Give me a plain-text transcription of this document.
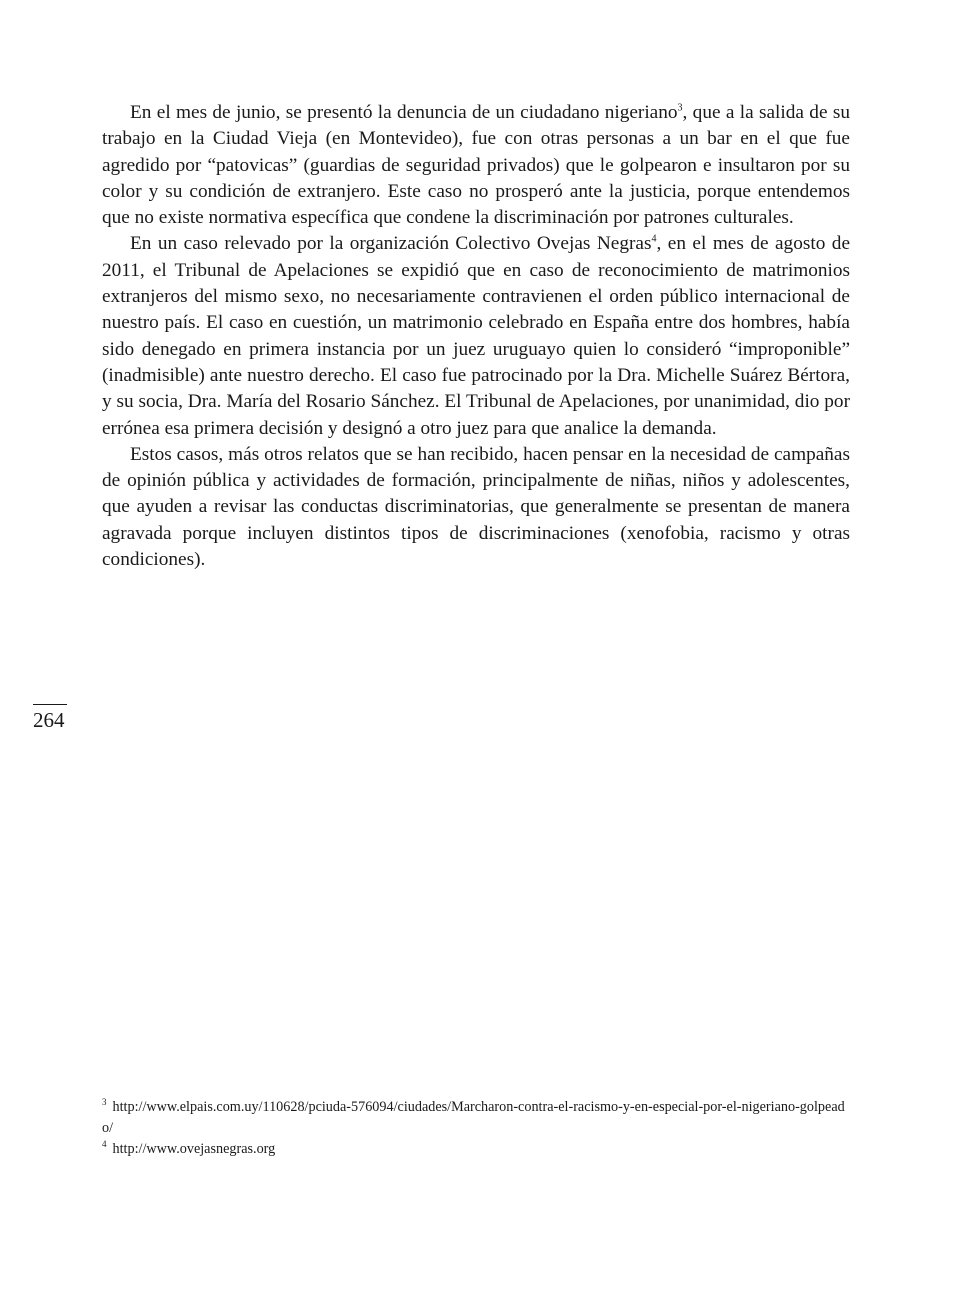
En el mes de junio, se presentó la denuncia de un ciudadano nigeriano$^3$, que a la salida de su trabajo en la Ciudad Vieja (en Montevideo), fue con otras personas a un bar en el que fue agredido por “patovicas” (guardias de seguridad privados) que le golpearon e insultaron por su color y su condición de extranjero. Este caso no prosperó ante la justicia, porque entendemos que no existe normativa específica que condene la discriminación por patrones culturales.

En un caso relevado por la organización Colectivo Ovejas Negras$^4$, en el mes de agosto de 2011, el Tribunal de Apelaciones se expidió que en caso de reconocimiento de matrimonios extranjeros del mismo sexo, no necesariamente contravienen el orden público internacional de nuestro país. El caso en cuestión, un matrimonio celebrado en España entre dos hombres, había sido denegado en primera instancia por un juez uruguayo quien lo consideró “improponible” (inadmisible) ante nuestro derecho. El caso fue patrocinado por la Dra. Michelle Suárez Bértora, y su socia, Dra. María del Rosario Sánchez. El Tribunal de Apelaciones, por unanimidad, dio por errónea esa primera decisión y designó a otro juez para que analice la demanda.

Estos casos, más otros relatos que se han recibido, hacen pensar en la necesidad de campañas de opinión pública y actividades de formación, principalmente de niñas, niños y adolescentes, que ayuden a revisar las conductas discriminatorias, que generalmente se presentan de manera agravada porque incluyen distintos tipos de discriminaciones (xenofobia, racismo y otras condiciones).

264

$^3$ http://www.elpais.com.uy/110628/pciuda-576094/ciudades/Marcharon-contra-el-racismo-y-en-especial-por-el-nigeriano-golpeado/

$^4$ http://www.ovejasnegras.org
